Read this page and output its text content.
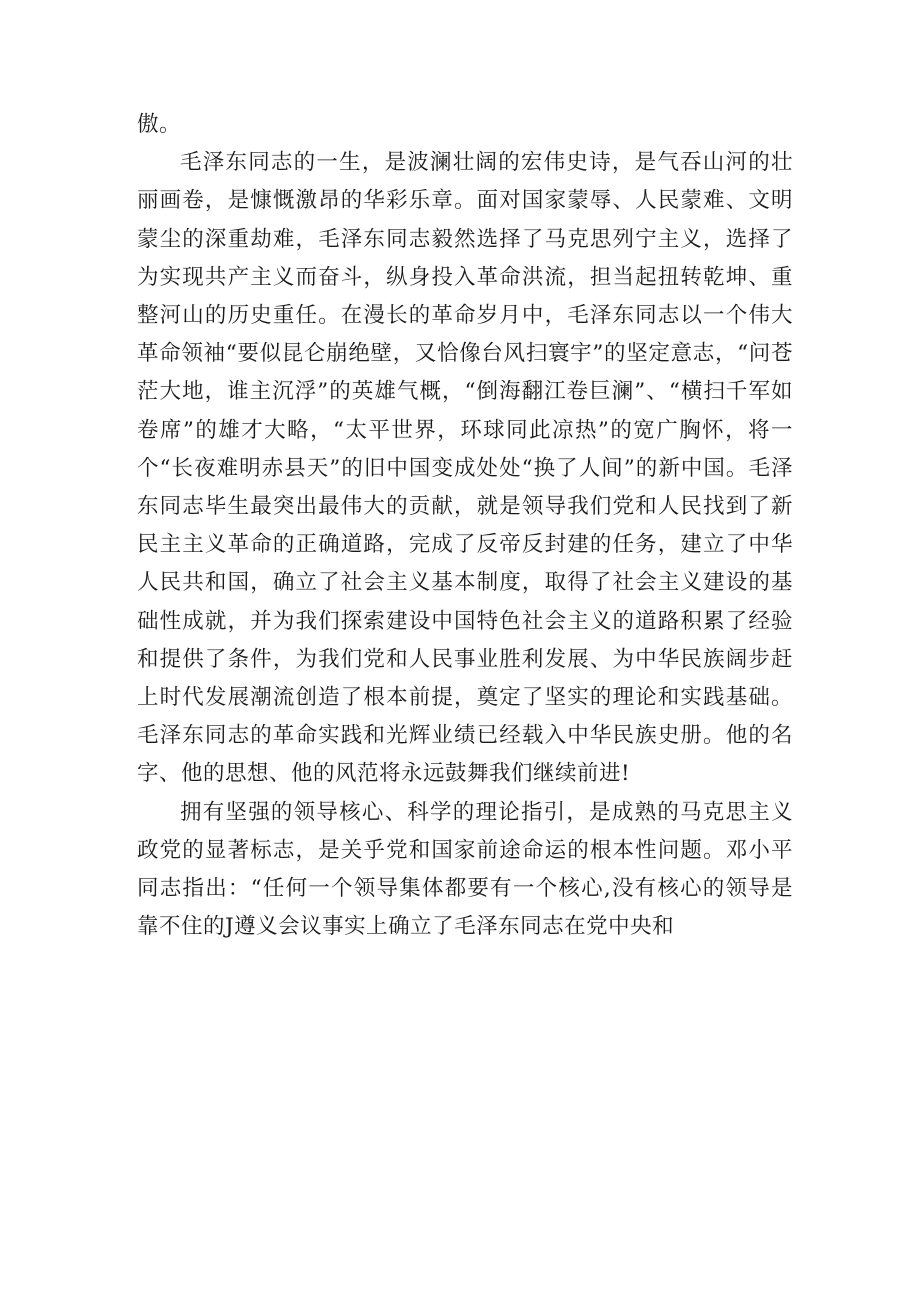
傲。

毛泽东同志的一生，是波澜壮阔的宏伟史诗，是气吞山河的壮丽画卷，是慷慨激昂的华彩乐章。面对国家蒙辱、人民蒙难、文明蒙尘的深重劫难，毛泽东同志毅然选择了马克思列宁主义，选择了为实现共产主义而奋斗，纵身投入革命洪流，担当起扭转乾坤、重整河山的历史重任。在漫长的革命岁月中，毛泽东同志以一个伟大革命领袖“要似昆仑崩绝壁，又恰像台风扫寰宇”的坚定意志，“问苍茫大地，谁主沉浮”的英雄气概，“倒海翻江卷巨澜”、“横扫千军如卷席”的雄才大略，“太平世界，环球同此凉热”的宽广胸怀，将一个“长夜难明赤县天”的旧中国变成处处“换了人间”的新中国。毛泽东同志毕生最突出最伟大的贡献，就是领导我们党和人民找到了新民主主义革命的正确道路，完成了反帝反封建的任务，建立了中华人民共和国，确立了社会主义基本制度，取得了社会主义建设的基础性成就，并为我们探索建设中国特色社会主义的道路积累了经验和提供了条件，为我们党和人民事业胜利发展、为中华民族阔步赶上时代发展潮流创造了根本前提，奠定了坚实的理论和实践基础。毛泽东同志的革命实践和光辉业绩已经载入中华民族史册。他的名字、他的思想、他的风范将永远鼓舞我们继续前进!

拥有坚强的领导核心、科学的理论指引，是成熟的马克思主义政党的显著标志，是关乎党和国家前途命运的根本性问题。邓小平同志指出：“任何一个领导集体都要有一个核心,没有核心的领导是靠不住的J遵义会议事实上确立了毛泽东同志在党中央和
